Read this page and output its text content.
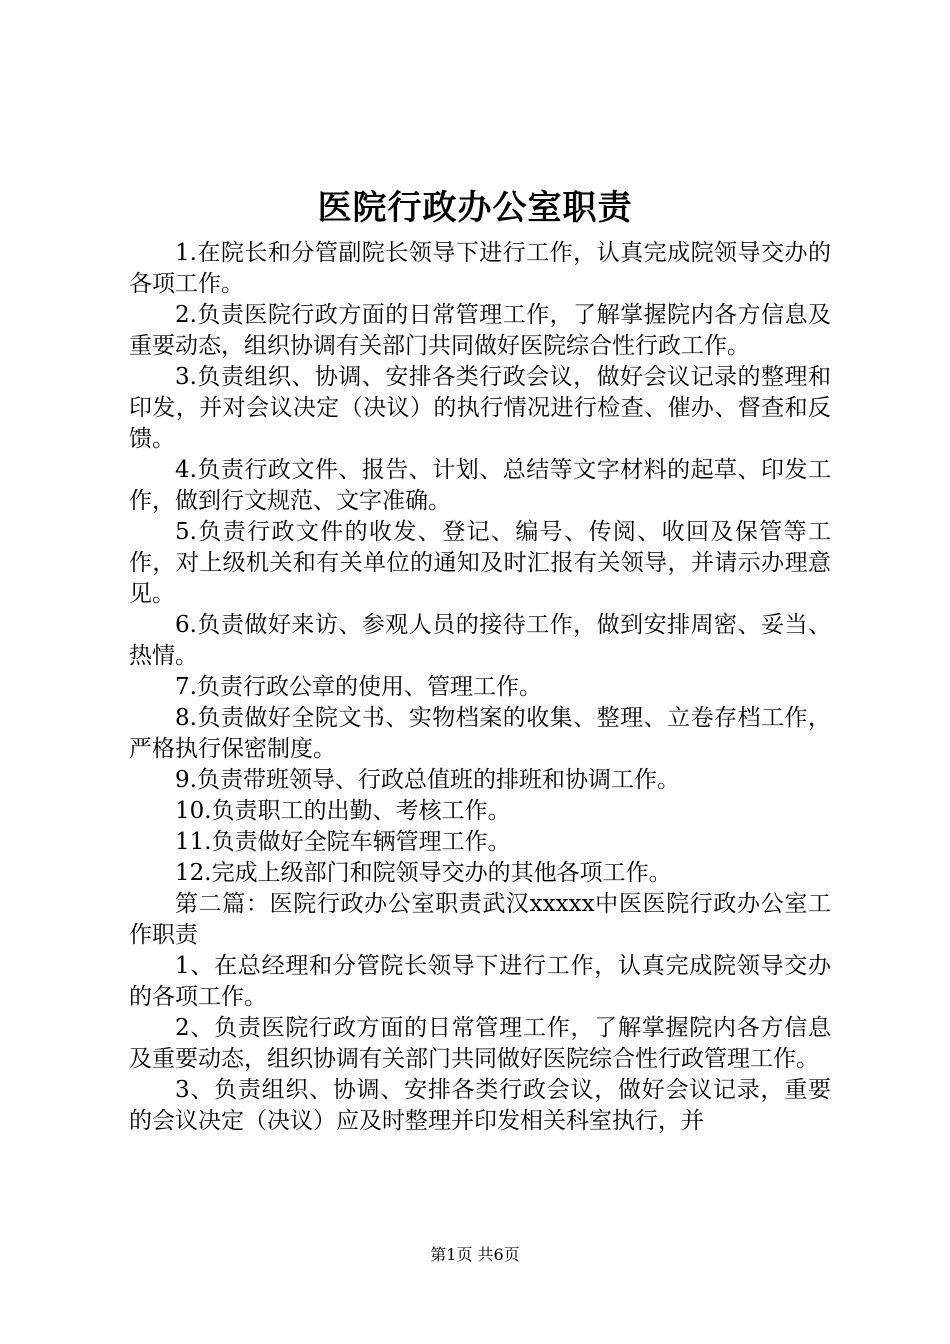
医院行政办公室职责

1.在院长和分管副院长领导下进行工作，认真完成院领导交办的各项工作。

2.负责医院行政方面的日常管理工作，了解掌握院内各方信息及重要动态，组织协调有关部门共同做好医院综合性行政工作。

3.负责组织、协调、安排各类行政会议，做好会议记录的整理和印发，并对会议决定（决议）的执行情况进行检查、催办、督查和反馈。

4.负责行政文件、报告、计划、总结等文字材料的起草、印发工作，做到行文规范、文字准确。

5.负责行政文件的收发、登记、编号、传阅、收回及保管等工作，对上级机关和有关单位的通知及时汇报有关领导，并请示办理意见。

6.负责做好来访、参观人员的接待工作，做到安排周密、妥当、热情。

7.负责行政公章的使用、管理工作。

8.负责做好全院文书、实物档案的收集、整理、立卷存档工作，严格执行保密制度。

9.负责带班领导、行政总值班的排班和协调工作。

10.负责职工的出勤、考核工作。

11.负责做好全院车辆管理工作。

12.完成上级部门和院领导交办的其他各项工作。

第二篇：医院行政办公室职责武汉xxxxx中医医院行政办公室工作职责

1、在总经理和分管院长领导下进行工作，认真完成院领导交办的各项工作。

2、负责医院行政方面的日常管理工作，了解掌握院内各方信息及重要动态，组织协调有关部门共同做好医院综合性行政管理工作。

3、负责组织、协调、安排各类行政会议，做好会议记录，重要的会议决定（决议）应及时整理并印发相关科室执行，并

第1页 共6页
